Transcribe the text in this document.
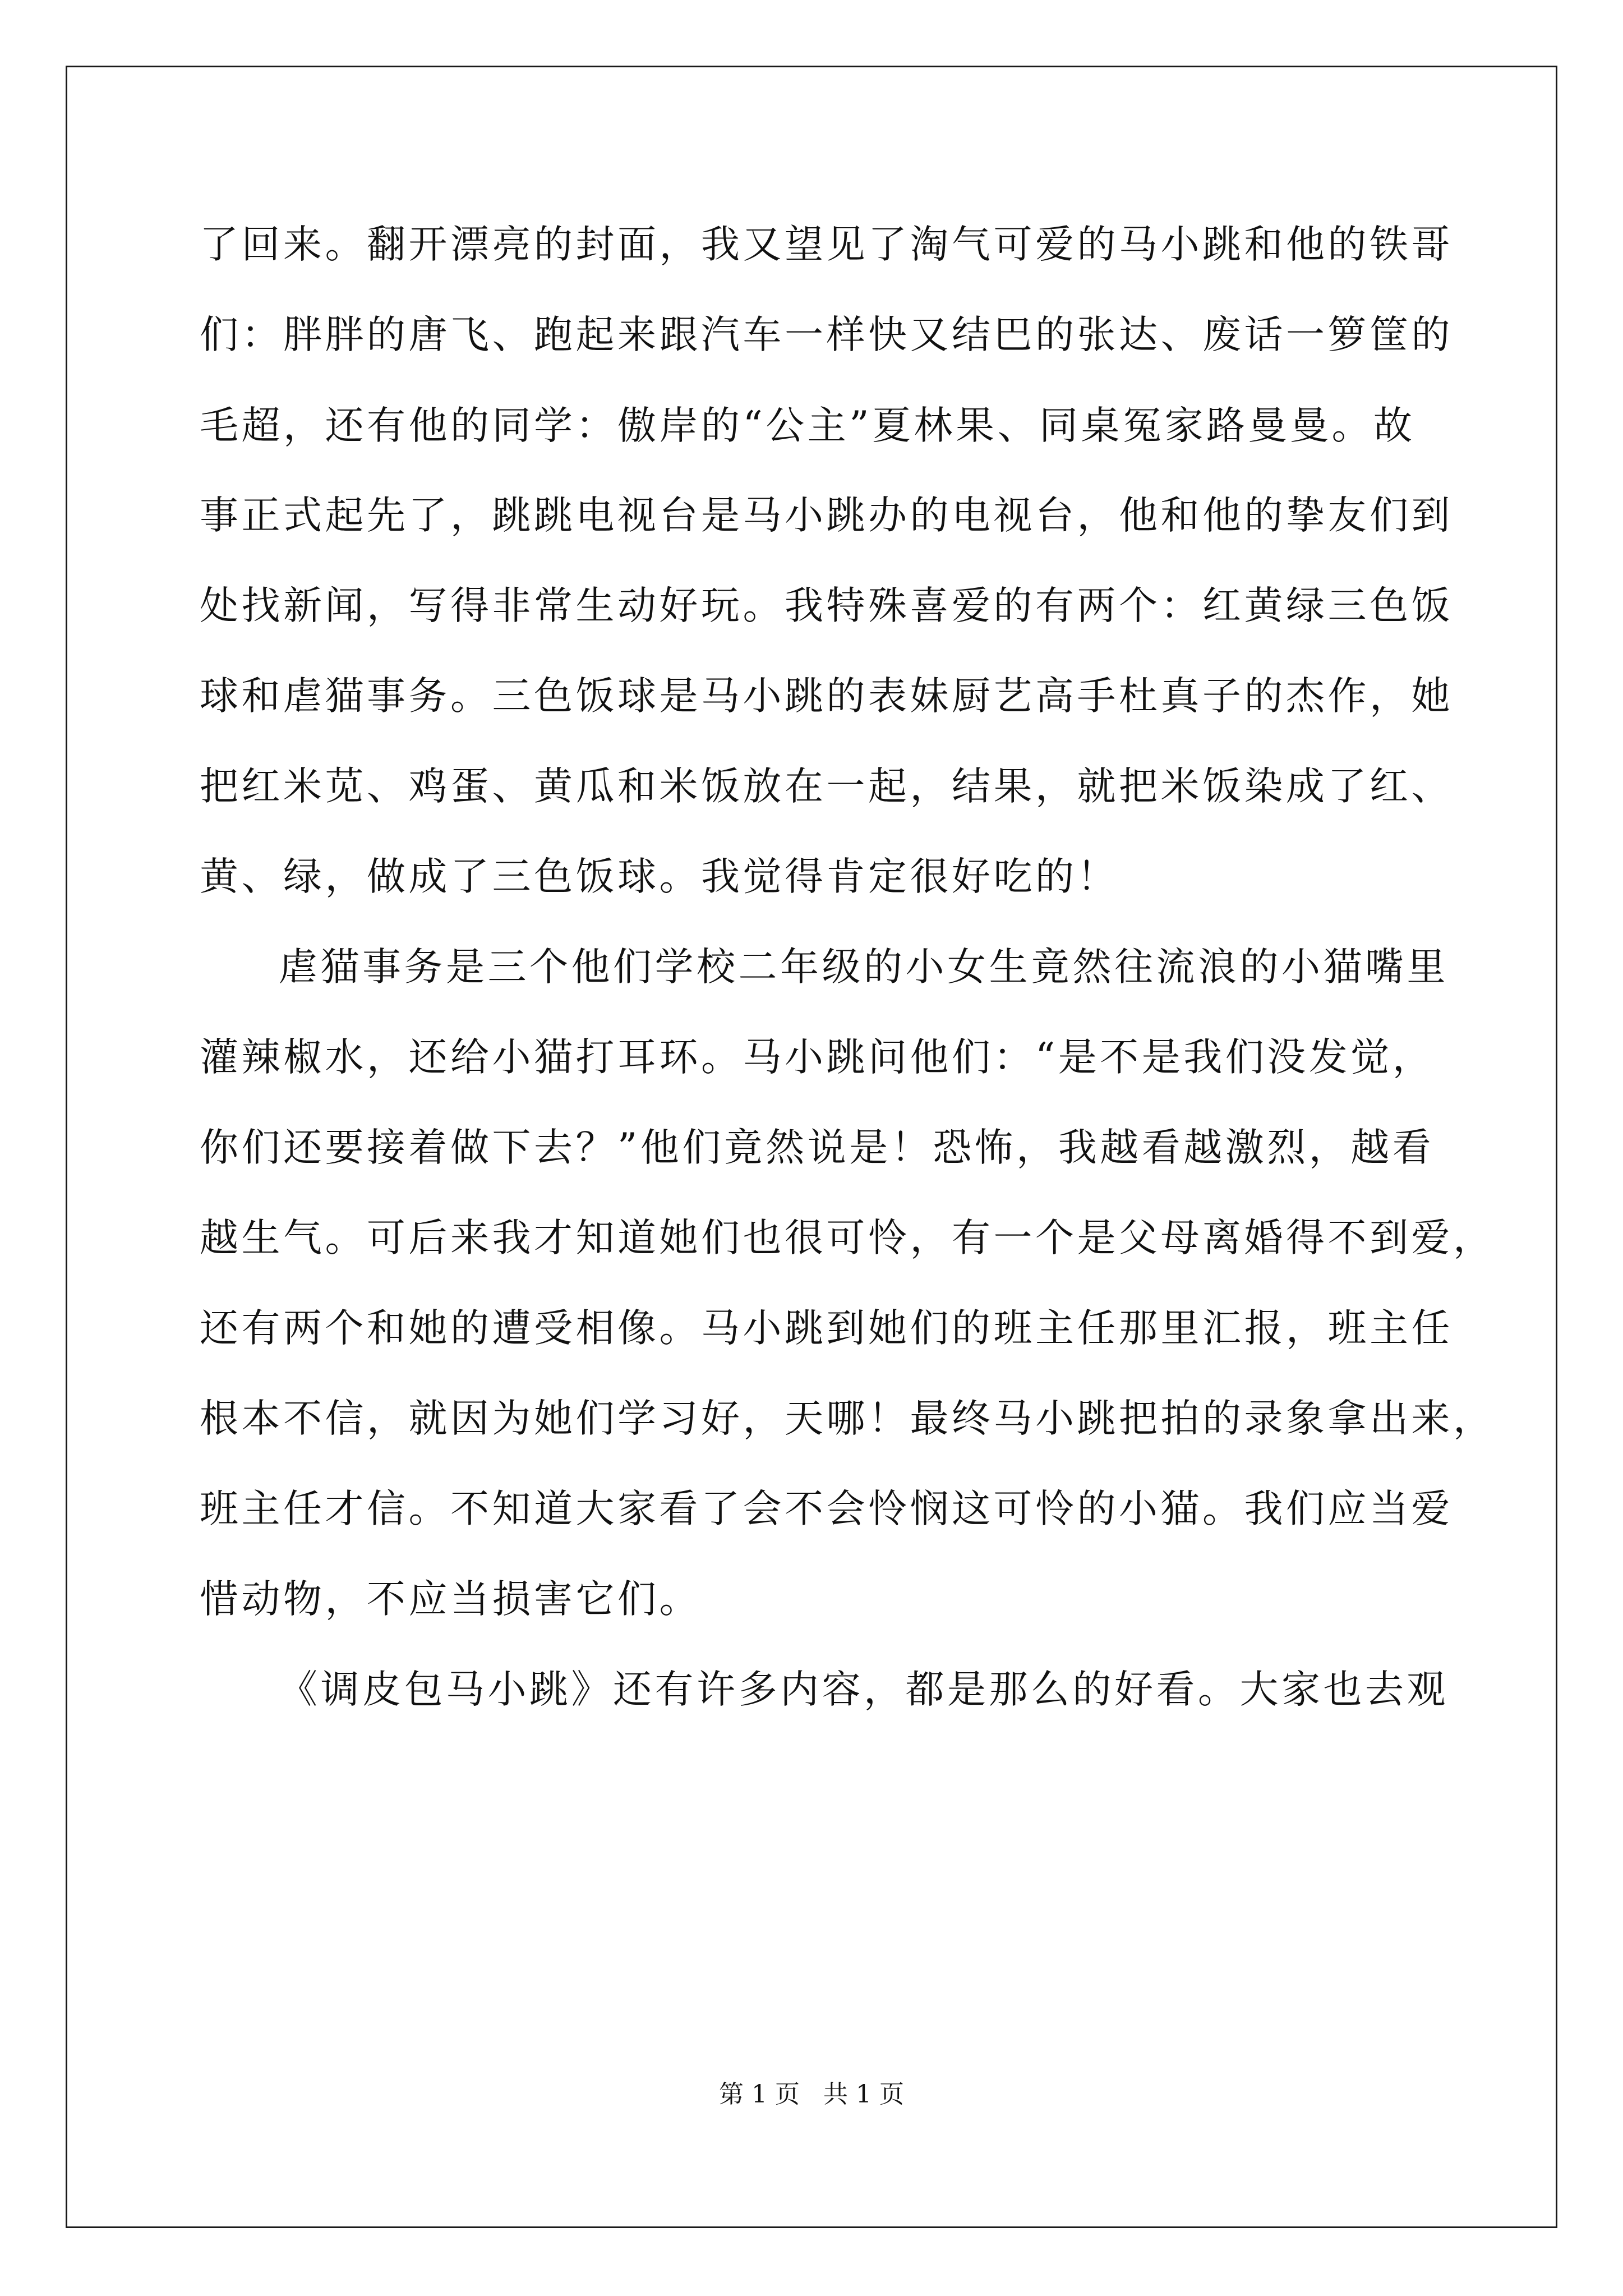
了回来。翻开漂亮的封面，我又望见了淘气可爱的马小跳和他的铁哥
们：胖胖的唐飞、跑起来跟汽车一样快又结巴的张达、废话一箩筐的
毛超，还有他的同学：傲岸的“公主”夏林果、同桌冤家路曼曼。故
事正式起先了，跳跳电视台是马小跳办的电视台，他和他的挚友们到
处找新闻，写得非常生动好玩。我特殊喜爱的有两个：红黄绿三色饭
球和虐猫事务。三色饭球是马小跳的表妹厨艺高手杜真子的杰作，她
把红米苋、鸡蛋、黄瓜和米饭放在一起，结果，就把米饭染成了红、
黄、绿，做成了三色饭球。我觉得肯定很好吃的！
虐猫事务是三个他们学校二年级的小女生竟然往流浪的小猫嘴里
灌辣椒水，还给小猫打耳环。马小跳问他们：“是不是我们没发觉，
你们还要接着做下去？”他们竟然说是！恐怖，我越看越激烈，越看
越生气。可后来我才知道她们也很可怜，有一个是父母离婚得不到爱，
还有两个和她的遭受相像。马小跳到她们的班主任那里汇报，班主任
根本不信，就因为她们学习好，天哪！最终马小跳把拍的录象拿出来，
班主任才信。不知道大家看了会不会怜悯这可怜的小猫。我们应当爱
惜动物，不应当损害它们。
《调皮包马小跳》还有许多内容，都是那么的好看。大家也去观
第 1 页   共 1 页
